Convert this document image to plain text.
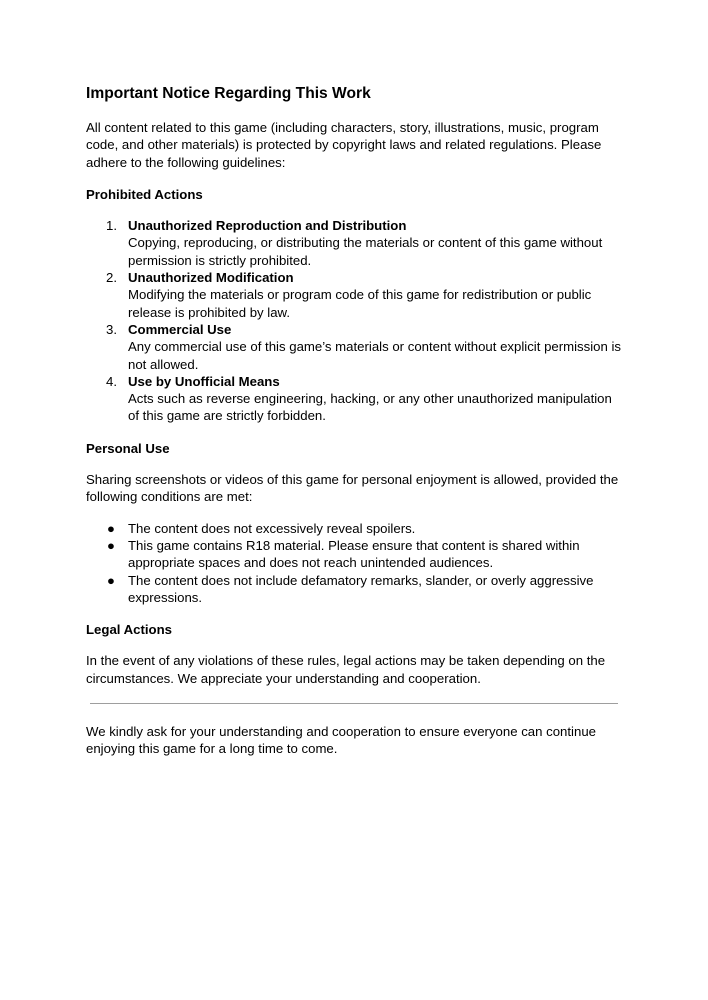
Important Notice Regarding This Work

All content related to this game (including characters, story, illustrations, music, program code, and other materials) is protected by copyright laws and related regulations. Please adhere to the following guidelines:

Prohibited Actions
1. Unauthorized Reproduction and Distribution
Copying, reproducing, or distributing the materials or content of this game without permission is strictly prohibited.
2. Unauthorized Modification
Modifying the materials or program code of this game for redistribution or public release is prohibited by law.
3. Commercial Use
Any commercial use of this game’s materials or content without explicit permission is not allowed.
4. Use by Unofficial Means
Acts such as reverse engineering, hacking, or any other unauthorized manipulation of this game are strictly forbidden.
Personal Use

Sharing screenshots or videos of this game for personal enjoyment is allowed, provided the following conditions are met:

● The content does not excessively reveal spoilers.
● This game contains R18 material. Please ensure that content is shared within appropriate spaces and does not reach unintended audiences.
● The content does not include defamatory remarks, slander, or overly aggressive expressions.
Legal Actions

In the event of any violations of these rules, legal actions may be taken depending on the circumstances. We appreciate your understanding and cooperation.

We kindly ask for your understanding and cooperation to ensure everyone can continue enjoying this game for a long time to come.
